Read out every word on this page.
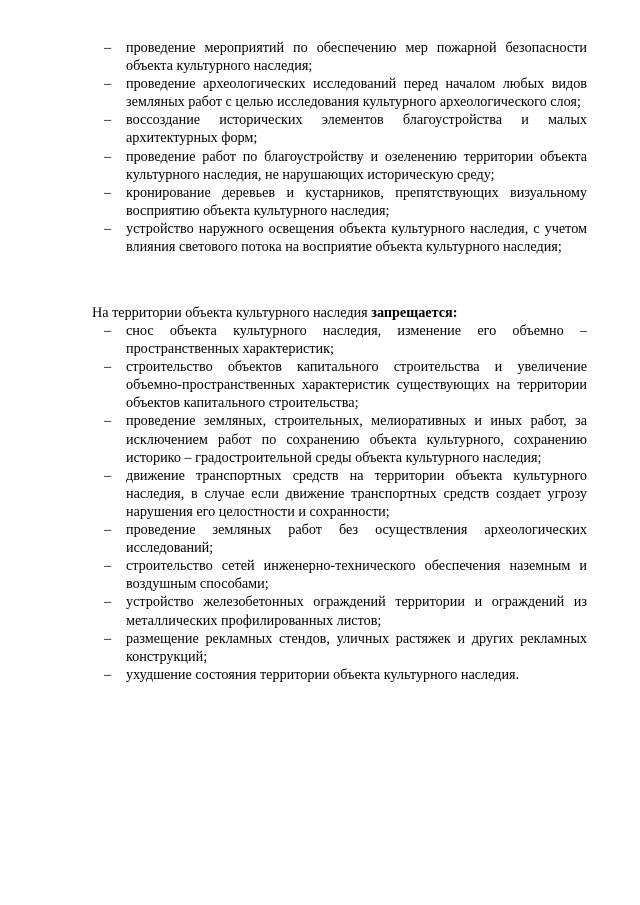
– проведение мероприятий по обеспечению мер пожарной безопасности объекта культурного наследия;
– проведение археологических исследований перед началом любых видов земляных работ с целью исследования культурного археологического слоя;
– воссоздание исторических элементов благоустройства и малых архитектурных форм;
– проведение работ по благоустройству и озеленению территории объекта культурного наследия, не нарушающих историческую среду;
– кронирование деревьев и кустарников, препятствующих визуальному восприятию объекта культурного наследия;
– устройство наружного освещения объекта культурного наследия, с учетом влияния светового потока на восприятие объекта культурного наследия;

На территории объекта культурного наследия запрещается:

– снос объекта культурного наследия, изменение его объемно – пространственных характеристик;
– строительство объектов капитального строительства и увеличение объемно-пространственных характеристик существующих на территории объектов капитального строительства;
– проведение земляных, строительных, мелиоративных и иных работ, за исключением работ по сохранению объекта культурного, сохранению историко – градостроительной среды объекта культурного наследия;
– движение транспортных средств на территории объекта культурного наследия, в случае если движение транспортных средств создает угрозу нарушения его целостности и сохранности;
– проведение земляных работ без осуществления археологических исследований;
– строительство сетей инженерно-технического обеспечения наземным и воздушным способами;
– устройство железобетонных ограждений территории и ограждений из металлических профилированных листов;
– размещение рекламных стендов, уличных растяжек и других рекламных конструкций;
– ухудшение состояния территории объекта культурного наследия.
